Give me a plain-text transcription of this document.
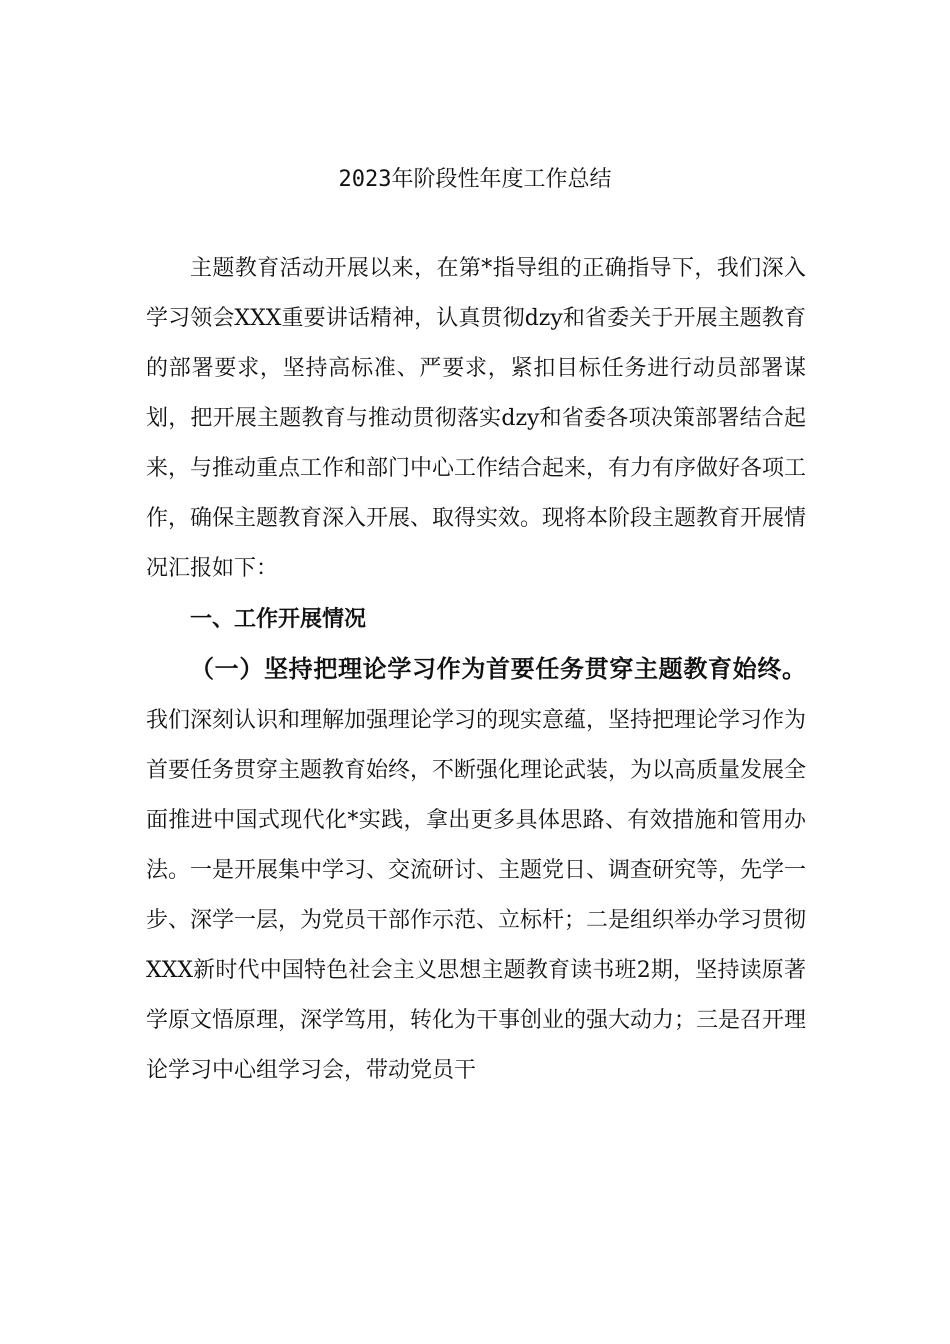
2023年阶段性年度工作总结

主题教育活动开展以来，在第*指导组的正确指导下，我们深入学习领会XXX重要讲话精神，认真贯彻dzy和省委关于开展主题教育的部署要求，坚持高标准、严要求，紧扣目标任务进行动员部署谋划，把开展主题教育与推动贯彻落实dzy和省委各项决策部署结合起来，与推动重点工作和部门中心工作结合起来，有力有序做好各项工作，确保主题教育深入开展、取得实效。现将本阶段主题教育开展情况汇报如下：

一、工作开展情况

（一）坚持把理论学习作为首要任务贯穿主题教育始终。我们深刻认识和理解加强理论学习的现实意蕴，坚持把理论学习作为首要任务贯穿主题教育始终，不断强化理论武装，为以高质量发展全面推进中国式现代化*实践，拿出更多具体思路、有效措施和管用办法。一是开展集中学习、交流研讨、主题党日、调查研究等，先学一步、深学一层，为党员干部作示范、立标杆；二是组织举办学习贯彻XXX新时代中国特色社会主义思想主题教育读书班2期，坚持读原著学原文悟原理，深学笃用，转化为干事创业的强大动力；三是召开理论学习中心组学习会，带动党员干
